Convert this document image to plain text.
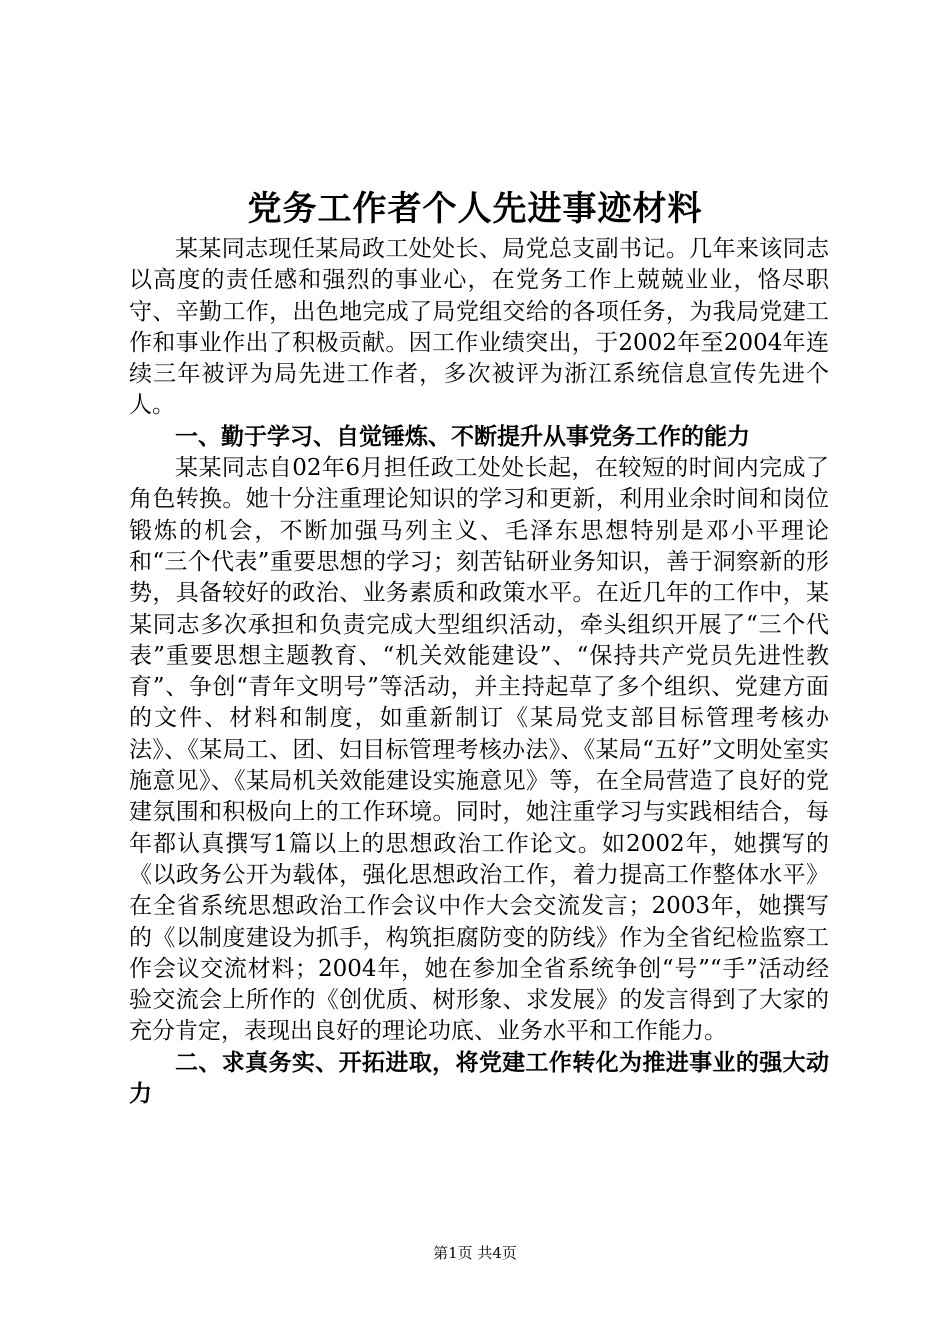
党务工作者个人先进事迹材料

某某同志现任某局政工处处长、局党总支副书记。几年来该同志以高度的责任感和强烈的事业心，在党务工作上兢兢业业，恪尽职守、辛勤工作，出色地完成了局党组交给的各项任务，为我局党建工作和事业作出了积极贡献。因工作业绩突出，于2002年至2004年连续三年被评为局先进工作者，多次被评为浙江系统信息宣传先进个人。

一、勤于学习、自觉锤炼、不断提升从事党务工作的能力

某某同志自02年6月担任政工处处长起，在较短的时间内完成了角色转换。她十分注重理论知识的学习和更新，利用业余时间和岗位锻炼的机会，不断加强马列主义、毛泽东思想特别是邓小平理论和“三个代表”重要思想的学习；刻苦钻研业务知识，善于洞察新的形势，具备较好的政治、业务素质和政策水平。在近几年的工作中，某某同志多次承担和负责完成大型组织活动，牵头组织开展了“三个代表”重要思想主题教育、“机关效能建设”、“保持共产党员先进性教育”、争创“青年文明号”等活动，并主持起草了多个组织、党建方面的文件、材料和制度，如重新制订《某局党支部目标管理考核办法》、《某局工、团、妇目标管理考核办法》、《某局“五好”文明处室实施意见》、《某局机关效能建设实施意见》等，在全局营造了良好的党建氛围和积极向上的工作环境。同时，她注重学习与实践相结合，每年都认真撰写1篇以上的思想政治工作论文。如2002年，她撰写的《以政务公开为载体，强化思想政治工作，着力提高工作整体水平》在全省系统思想政治工作会议中作大会交流发言；2003年，她撰写的《以制度建设为抓手，构筑拒腐防变的防线》作为全省纪检监察工作会议交流材料；2004年，她在参加全省系统争创“号”“手”活动经验交流会上所作的《创优质、树形象、求发展》的发言得到了大家的充分肯定，表现出良好的理论功底、业务水平和工作能力。

二、求真务实、开拓进取，将党建工作转化为推进事业的强大动力

第1页 共4页
